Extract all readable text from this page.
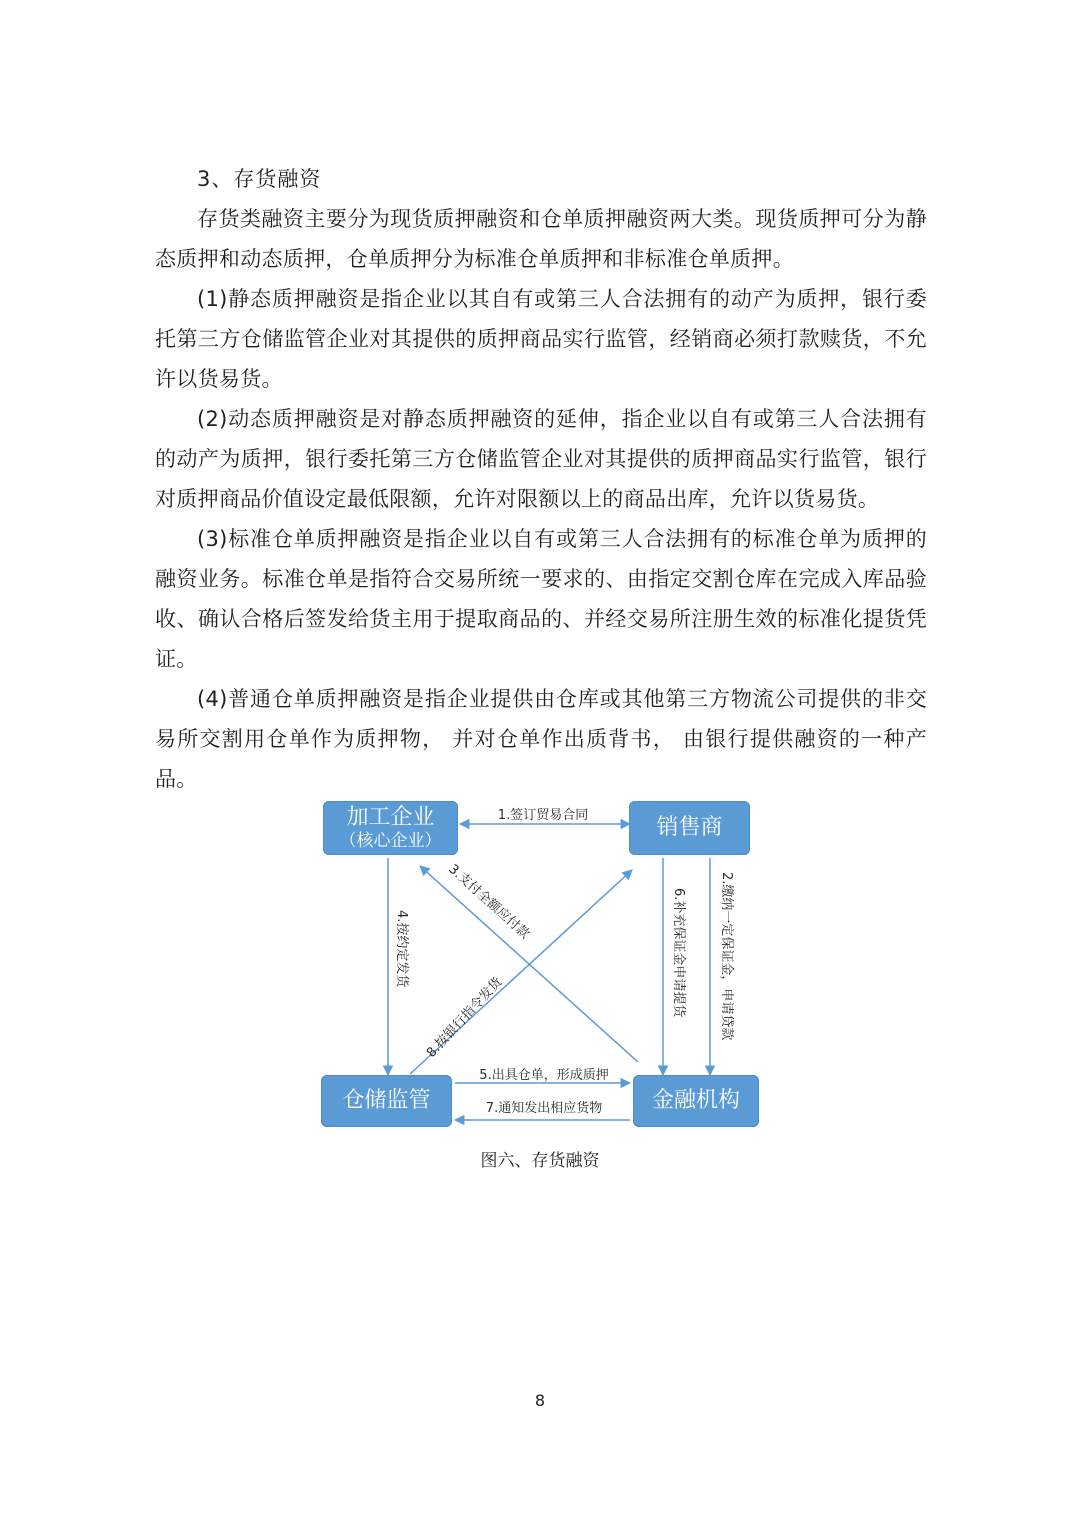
3、存货融资

存货类融资主要分为现货质押融资和仓单质押融资两大类。现货质押可分为静态质押和动态质押，仓单质押分为标准仓单质押和非标准仓单质押。

(1)静态质押融资是指企业以其自有或第三人合法拥有的动产为质押，银行委托第三方仓储监管企业对其提供的质押商品实行监管，经销商必须打款赎货，不允许以货易货。

(2)动态质押融资是对静态质押融资的延伸，指企业以自有或第三人合法拥有的动产为质押，银行委托第三方仓储监管企业对其提供的质押商品实行监管，银行对质押商品价值设定最低限额，允许对限额以上的商品出库，允许以货易货。

(3)标准仓单质押融资是指企业以自有或第三人合法拥有的标准仓单为质押的融资业务。标准仓单是指符合交易所统一要求的、由指定交割仓库在完成入库品验收、确认合格后签发给货主用于提取商品的、并经交易所注册生效的标准化提货凭证。

(4)普通仓单质押融资是指企业提供由仓库或其他第三方物流公司提供的非交易所交割用仓单作为质押物， 并对仓单作出质背书， 由银行提供融资的一种产品。

1.签订贸易合同
4.按约定发货	6.补充保证金申请提货	2.缴纳一定保证金，申请贷款
3.支付全额应付款
8.按银行指令发货
5.出具仓单，形成质押
7.通知发出相应货物
加工企业
（核心企业）
销售商
仓储监管	金融机构
图六、存货融资
8
